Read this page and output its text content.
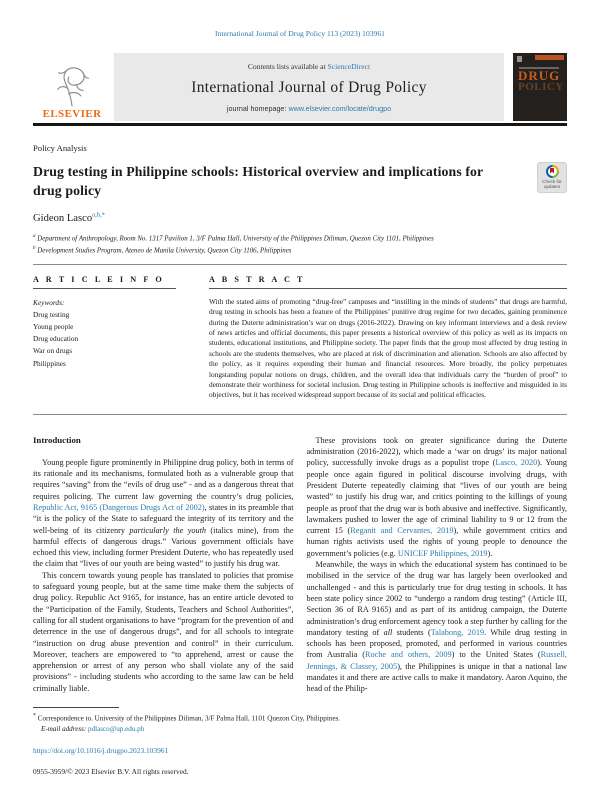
International Journal of Drug Policy 113 (2023) 103961
ELSEVIER
Contents lists available at ScienceDirect
International Journal of Drug Policy
journal homepage: www.elsevier.com/locate/drugpo
DRUG
POLICY
Policy Analysis
Drug testing in Philippine schools: Historical overview and implications for drug policy
Check for updates
Gideon Lasco$^{a,b,*}$
$^a$ Department of Anthropology, Room No. 1317 Pavilion 1, 3/F Palma Hall, University of the Philippines Diliman, Quezon City 1101, Philippines
$^b$ Development Studies Program, Ateneo de Manila University, Quezon City 1106, Philippines
A R T I C L E I N F O
Keywords:
Drug testing
Young people
Drug education
War on drugs
Philippines
A B S T R A C T

With the stated aims of promoting “drug-free” campuses and “instilling in the minds of students” that drugs are harmful, drug testing in schools has been a feature of the Philippines’ punitive drug regime for two decades, gaining prominence during the Duterte administration’s war on drugs (2016-2022). Drawing on key informant interviews and a desk review of news articles and official documents, this paper presents a historical overview of this policy as well as its impacts on students, educational institutions, and Philippine society. The paper finds that the group most affected by drug testing in schools are the students themselves, who are placed at risk of discrimination and alienation. Schools are also affected by the policy, as it requires expending their human and financial resources. More broadly, the policy perpetuates longstanding popular notions on drugs, children, and the overall idea that individuals carry the “burden of proof” to demonstrate their worthiness for societal inclusion. Drug testing in Philippine schools is ineffective and misguided in its objectives, but it has received widespread support because of its social and political efficacies.

Introduction

Young people figure prominently in Philippine drug policy, both in terms of its rationale and its mechanisms, formulated both as a vulnerable group that requires “saving” from the “evils of drug use” - and as a dangerous threat that requires policing. The current law governing the country’s drug policies, Republic Act, 9165 (Dangerous Drugs Act of 2002), states in its preamble that “it is the policy of the State to safeguard the integrity of its territory and the well-being of its citizenry particularly the youth (italics mine), from the harmful effects of dangerous drugs.” Various government officials have echoed this view, including former President Duterte, who has repeatedly used the claim that “lives of our youth are being wasted” to justify his drug war.

This concern towards young people has translated to policies that promise to safeguard young people, but at the same time make them the subjects of drug policy. Republic Act 9165, for instance, has an entire article devoted to the “Participation of the Family, Students, Teachers and School Authorities”, calling for all student organisations to have “program for the prevention of and deterrence in the use of dangerous drugs”, and for all schools to integrate “instruction on drug abuse prevention and control” in their curriculum. Moreover, teachers are empowered to “to apprehend, arrest or cause the apprehension or arrest of any person who shall violate any of the said provisions” - including students who according to the same law can be held criminally liable.

These provisions took on greater significance during the Duterte administration (2016-2022), which made a ‘war on drugs’ its major national policy, successfully invoke drugs as a populist trope (Lasco, 2020). Young people once again figured in political discourse involving drugs, with President Duterte repeatedly claiming that “lives of our youth are being wasted” to justify his drug war, and critics pointing to the killings of young people as proof that the drug war is both abusive and ineffective. Significantly, lawmakers pushed to lower the age of criminal liability to 9 or 12 from the current 15 (Reganit and Cervantes, 2019), while government critics and human rights activists used the rights of young people to denounce the government’s policies (e.g. UNICEF Philippines, 2019).

Meanwhile, the ways in which the educational system has continued to be mobilised in the service of the drug war has largely been overlooked and unchallenged - and this is particularly true for drug testing in schools. It has been state policy since 2002 to “undergo a random drug testing” (Article III, Section 36 of RA 9165) and as part of its antidrug campaign, the Duterte administration’s drug enforcement agency took a step further by calling for the mandatory testing of all students (Talabong, 2019. While drug testing in schools has been proposed, promoted, and performed in various countries from Australia (Roche and others, 2009) to the United States (Russell, Jennings, & Classey, 2005), the Philippines is unique in that a national law mandates it and there are active calls to make it mandatory. Aaron Aquino, the head of the Philip-

* Correspondence to. University of the Philippines Diliman, 3/F Palma Hall, 1101 Quezon City, Philippines.
E-mail address: pdlasco@up.edu.ph
https://doi.org/10.1016/j.drugpo.2023.103961
0955-3959/© 2023 Elsevier B.V. All rights reserved.
